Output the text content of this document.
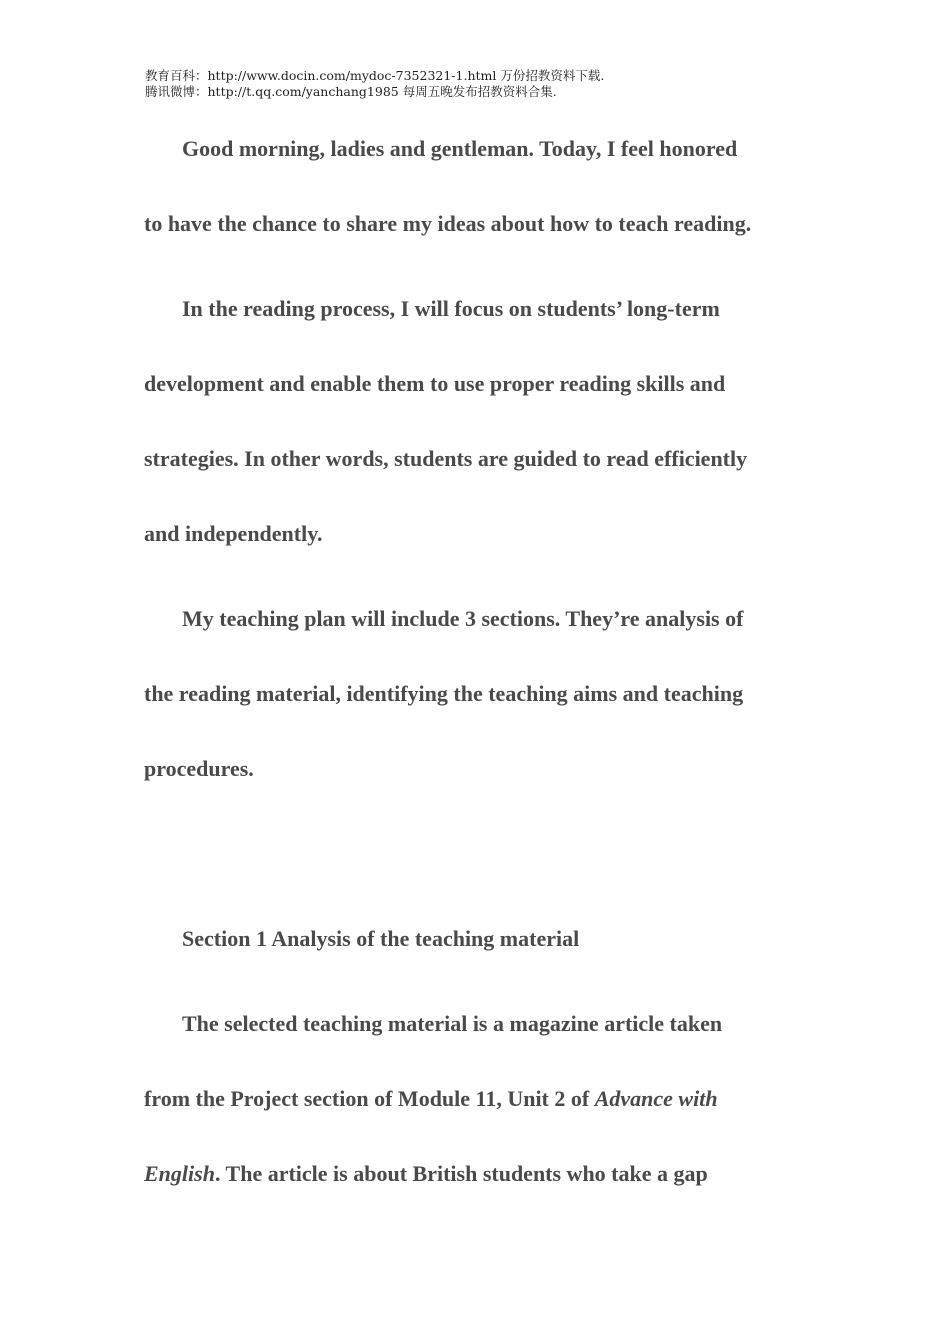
教育百科：http://www.docin.com/mydoc-7352321-1.html 万份招教资料下载.
腾讯微博：http://t.qq.com/yanchang1985 每周五晚发布招教资料合集.
Good morning, ladies and gentleman. Today, I feel honored
to have the chance to share my ideas about how to teach reading.
In the reading process, I will focus on students’ long-term
development and enable them to use proper reading skills and
strategies. In other words, students are guided to read efficiently
and independently.
My teaching plan will include 3 sections. They’re analysis of
the reading material, identifying the teaching aims and teaching
procedures.
Section 1 Analysis of the teaching material
The selected teaching material is a magazine article taken
from the Project section of Module 11, Unit 2 of Advance with
English. The article is about British students who take a gap
